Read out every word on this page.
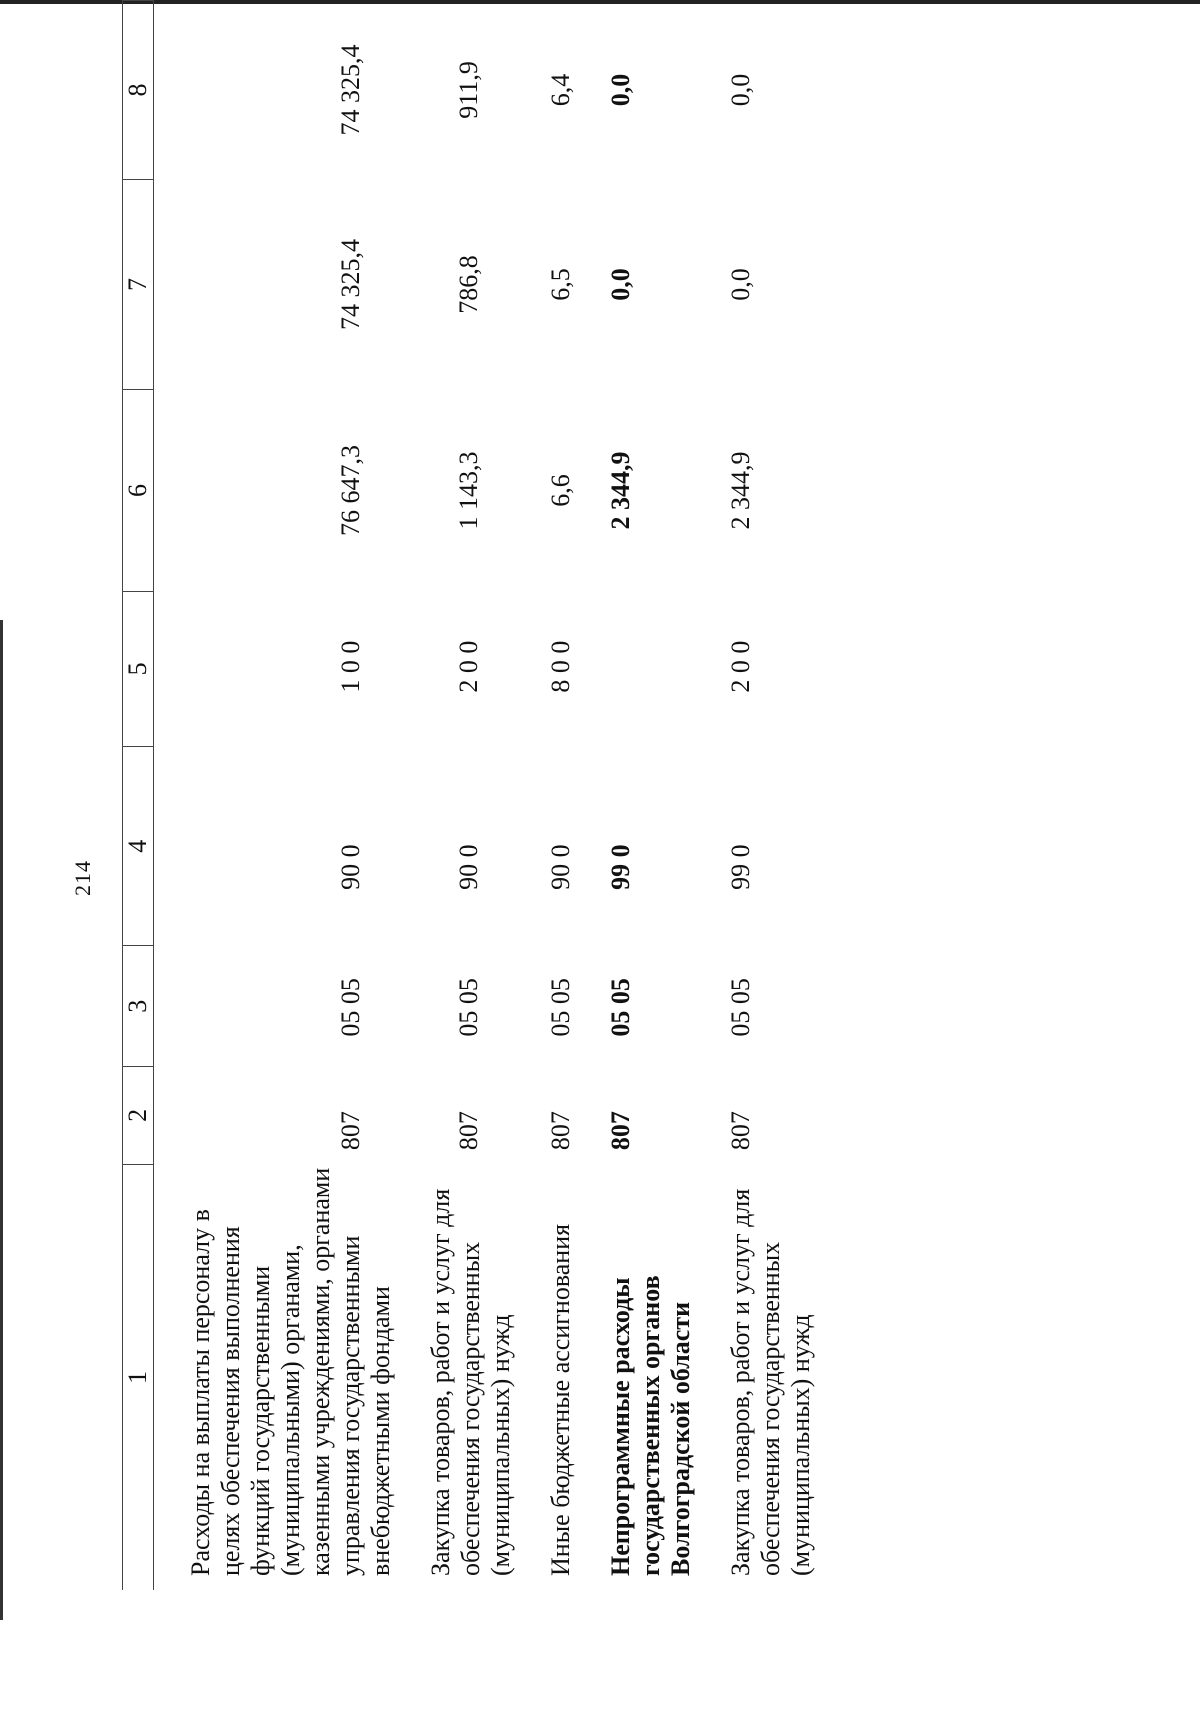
214
1	2	3	4	5	6	7	8
Расходы на выплаты персоналу в целях обеспечения выполнения функций государственными (муниципальными) органами, казенными учреждениями, органами управления государственными внебюджетными фондами	807	05 05	90 0	1 0 0	76 647,3	74 325,4	74 325,4

Закупка товаров, работ и услуг для обеспечения государственных (муниципальных) нужд	807	05 05	90 0	2 0 0	1 143,3	786,8	911,9

Иные бюджетные ассигнования	807	05 05	90 0	8 0 0	6,6	6,5	6,4

Непрограммные расходы государственных органов Волгоградской области	807	05 05	99 0		2 344,9	0,0	0,0

Закупка товаров, работ и услуг для обеспечения государственных (муниципальных) нужд	807	05 05	99 0	2 0 0	2 344,9	0,0	0,0
